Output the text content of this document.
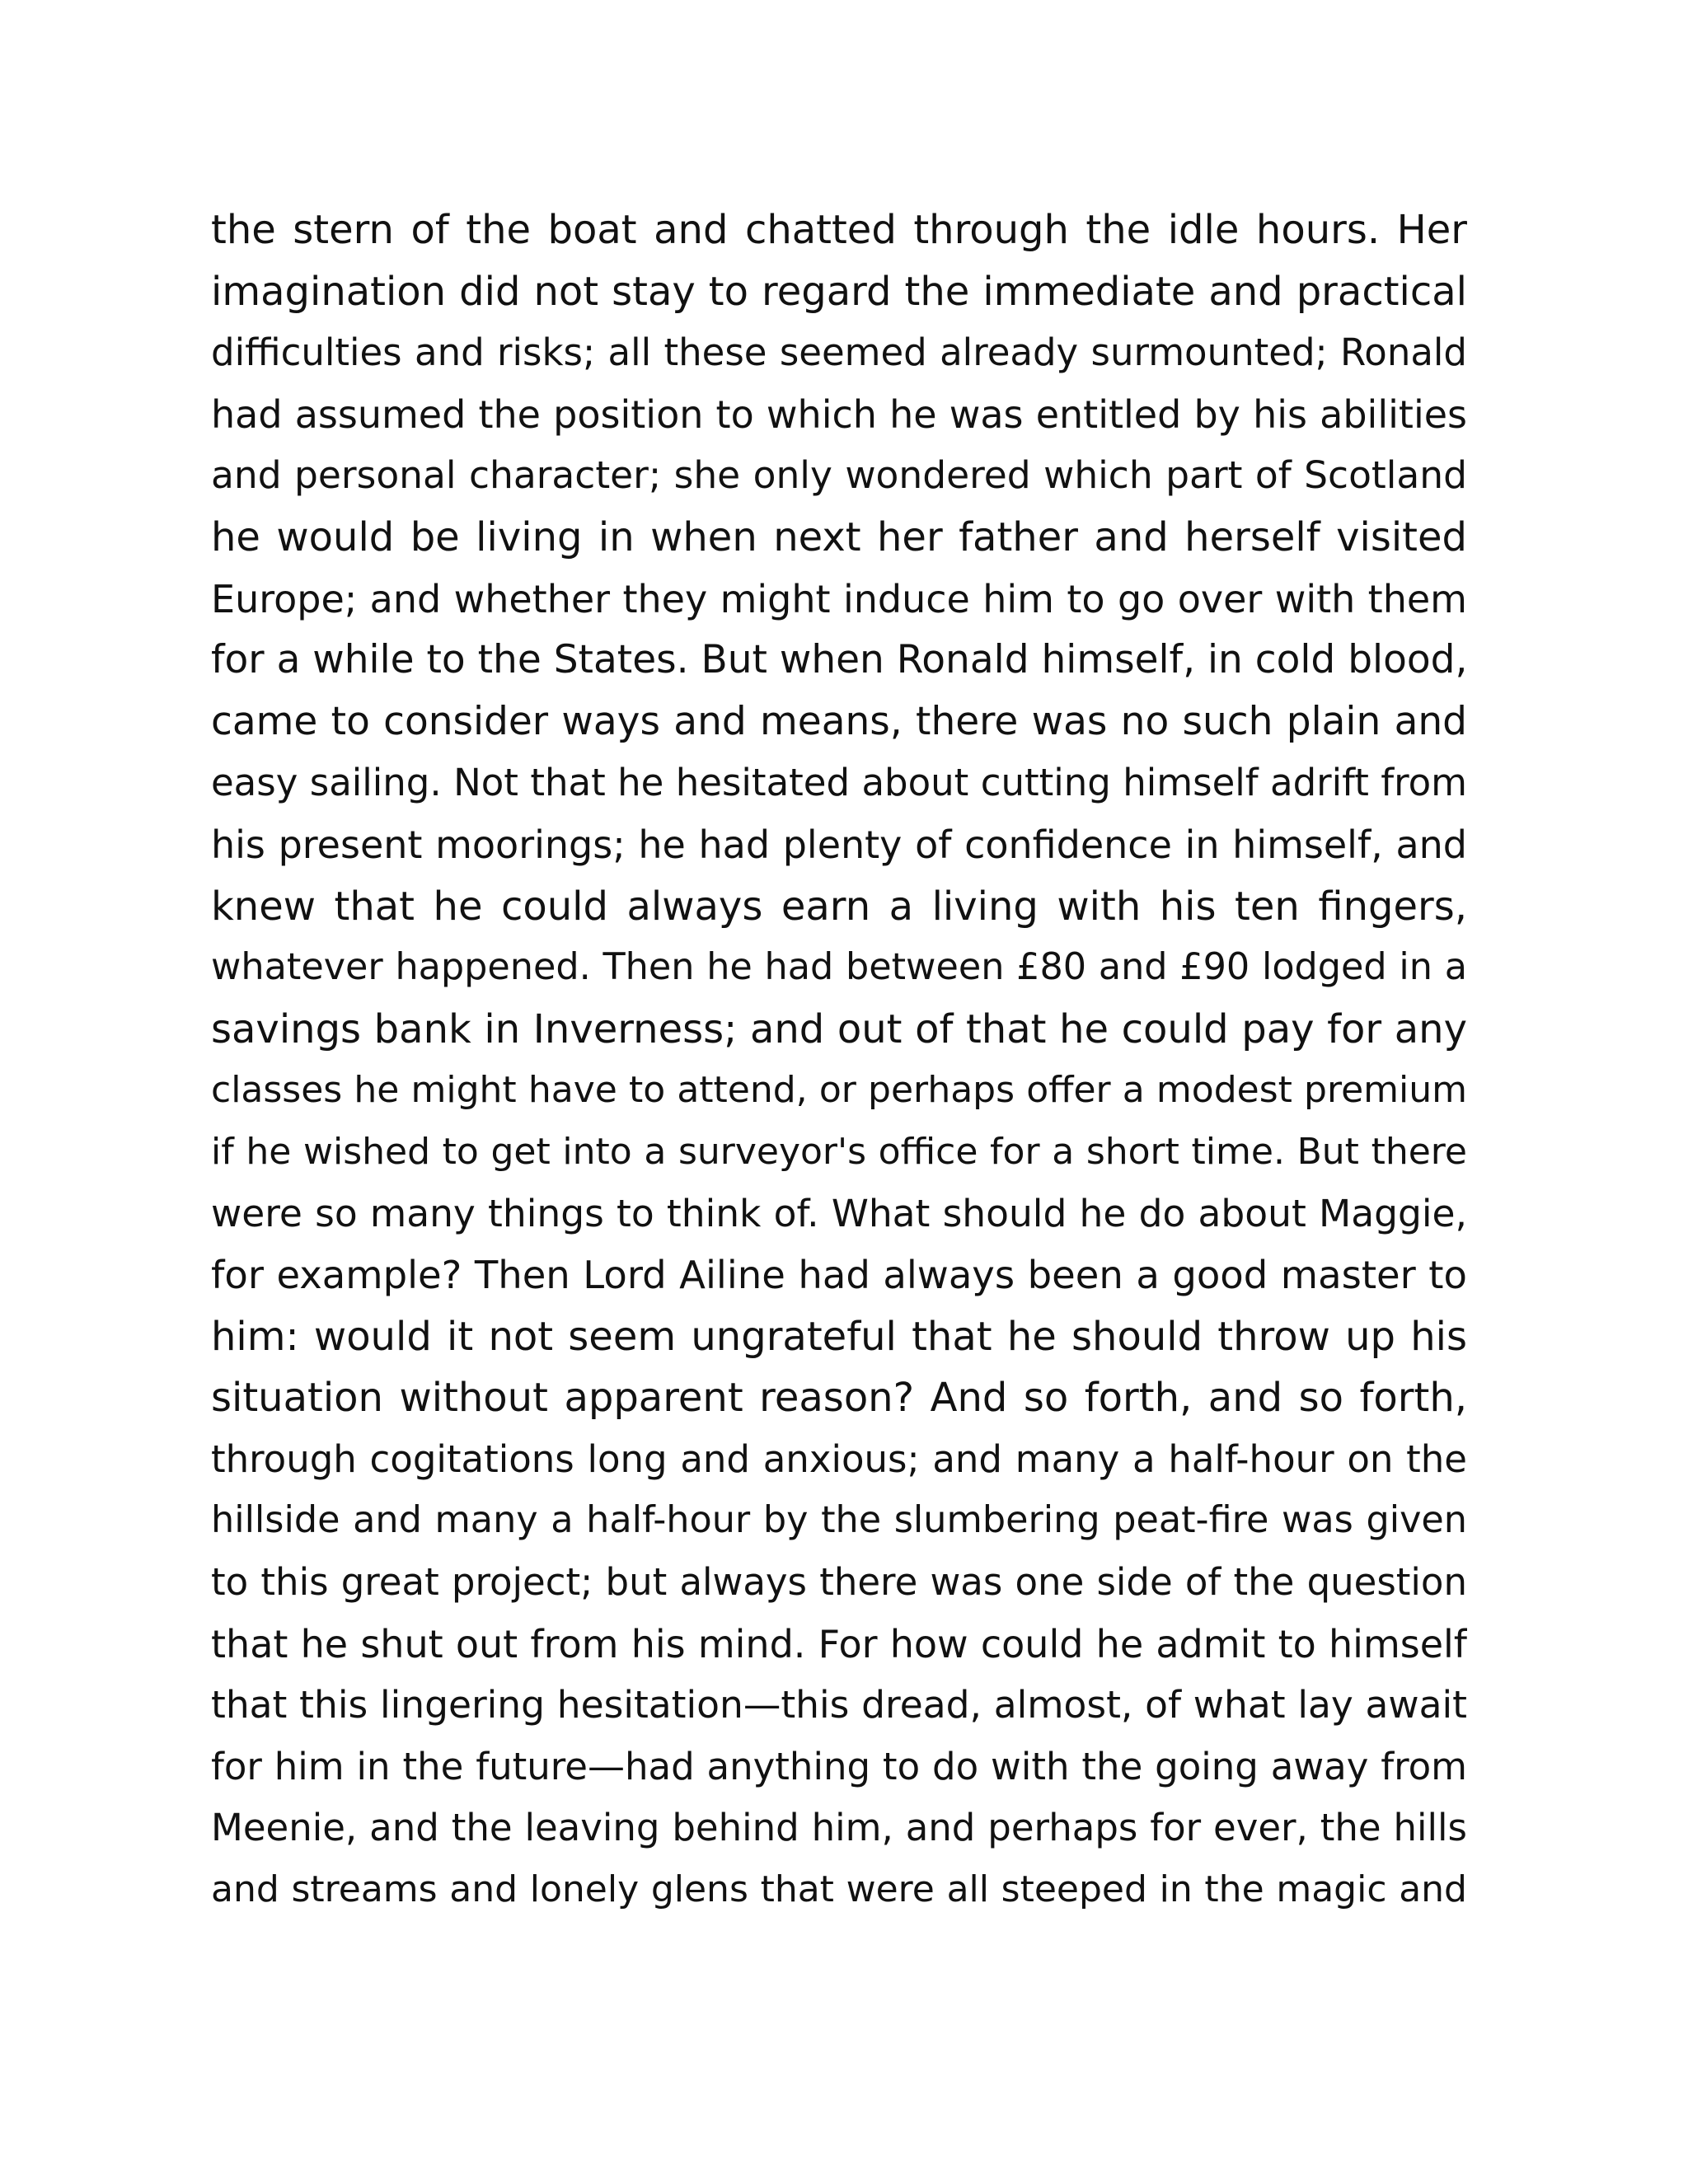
the stern of the boat and chatted through the idle hours. Her
imagination did not stay to regard the immediate and practical
difficulties and risks; all these seemed already surmounted; Ronald
had assumed the position to which he was entitled by his abilities
and personal character; she only wondered which part of Scotland
he would be living in when next her father and herself visited
Europe; and whether they might induce him to go over with them
for a while to the States. But when Ronald himself, in cold blood,
came to consider ways and means, there was no such plain and
easy sailing. Not that he hesitated about cutting himself adrift from
his present moorings; he had plenty of confidence in himself, and
knew that he could always earn a living with his ten fingers,
whatever happened. Then he had between £80 and £90 lodged in a
savings bank in Inverness; and out of that he could pay for any
classes he might have to attend, or perhaps offer a modest premium
if he wished to get into a surveyor's office for a short time. But there
were so many things to think of. What should he do about Maggie,
for example? Then Lord Ailine had always been a good master to
him: would it not seem ungrateful that he should throw up his
situation without apparent reason? And so forth, and so forth,
through cogitations long and anxious; and many a half-hour on the
hillside and many a half-hour by the slumbering peat-fire was given
to this great project; but always there was one side of the question
that he shut out from his mind. For how could he admit to himself
that this lingering hesitation—this dread, almost, of what lay await
for him in the future—had anything to do with the going away from
Meenie, and the leaving behind him, and perhaps for ever, the hills
and streams and lonely glens that were all steeped in the magic and
